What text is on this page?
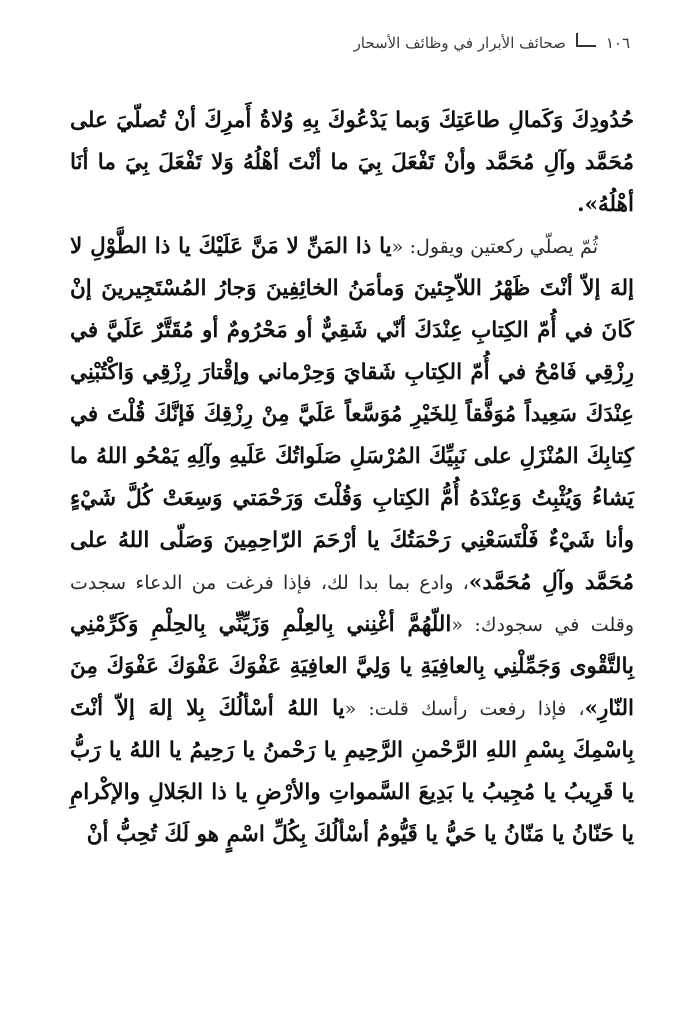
١٠٦
صحائف الأبرار في وظائف الأسحار

حُدُودِكَ وَكَمالِ طاعَتِكَ وَبما يَدْعُوكَ بِهِ وُلاةُ أَمرِكَ أنْ تُصلّيَ على مُحَمَّد وآلِ مُحَمَّد وأنْ تَفْعَلَ بِيَ ما أنْتَ أهْلُهُ وَلا تَفْعَلَ بِيَ ما أنَا أهْلُهُ».

ثُمّ يصلّي ركعتين ويقول: «يا ذا المَنِّ لا مَنَّ عَلَيْكَ يا ذا الطَّوْلِ لا إلهَ إلاّ أنْتَ ظَهْرُ اللاّجِئينَ وَمأمَنُ الخائِفِينَ وَجارُ المُسْتَجِيرينَ إنْ كَانَ في أُمّ الكِتابِ عِنْدَكَ أنّي شَقِيٌّ أو مَحْرُومٌ أو مُقَتَّرٌ عَلَيَّ في رِزْقِي فَامْحُ في أُمّ الكِتابِ شَقايَ وَحِرْماني وإقْتارَ رِزْقِي وَاكْتُبْنِي عِنْدَكَ سَعِيداً مُوَفَّقاً لِلخَيْرِ مُوَسَّعاً عَلَيَّ مِنْ رِزْقِكَ فَإنَّكَ قُلْتَ في كِتابِكَ المُنْزَلِ على نَبِيِّكَ المُرْسَلِ صَلَواتُكَ عَلَيهِ وآلِهِ يَمْحُو اللهُ ما يَشاءُ وَيُثْبِتُ وَعِنْدَهُ أُمُّ الكِتابِ وَقُلْتَ وَرَحْمَتي وَسِعَتْ كُلَّ شَيْءٍ وأنا شَيْءٌ فَلْتَسَعْنِي رَحْمَتُكَ يا أرْحَمَ الرّاحِمِينَ وَصَلّى اللهُ على مُحَمَّد وآلِ مُحَمَّد»، وادع بما بدا لك، فإذا فرغت من الدعاء سجدت وقلت في سجودك: «اللّهُمَّ أغْنِني بِالعِلْمِ وَزَيِّنِّي بِالحِلْمِ وَكَرِّمْنِي بِالتَّقْوى وَجَمِّلْنِي بِالعافِيَةِ يا وَلِيَّ العافِيَةِ عَفْوَكَ عَفْوَكَ عَفْوَكَ مِنَ النّارِ»، فإذا رفعت رأسك قلت: «يا اللهُ أسْألُكَ بِلا إلهَ إلاّ أنْتَ بِاسْمِكَ بِسْمِ اللهِ الرَّحْمنِ الرَّحِيمِ يا رَحْمنُ يا رَحِيمُ يا اللهُ يا رَبُّ يا قَرِيبُ يا مُجِيبُ يا بَدِيعَ السَّمواتِ والأرْضِ يا ذا الجَلالِ والإكْرامِ يا حَنّانُ يا مَنّانُ يا حَيُّ يا قَيُّومُ أسْألُكَ بِكُلِّ اسْمٍ هو لَكَ تُحِبُّ أنْ
